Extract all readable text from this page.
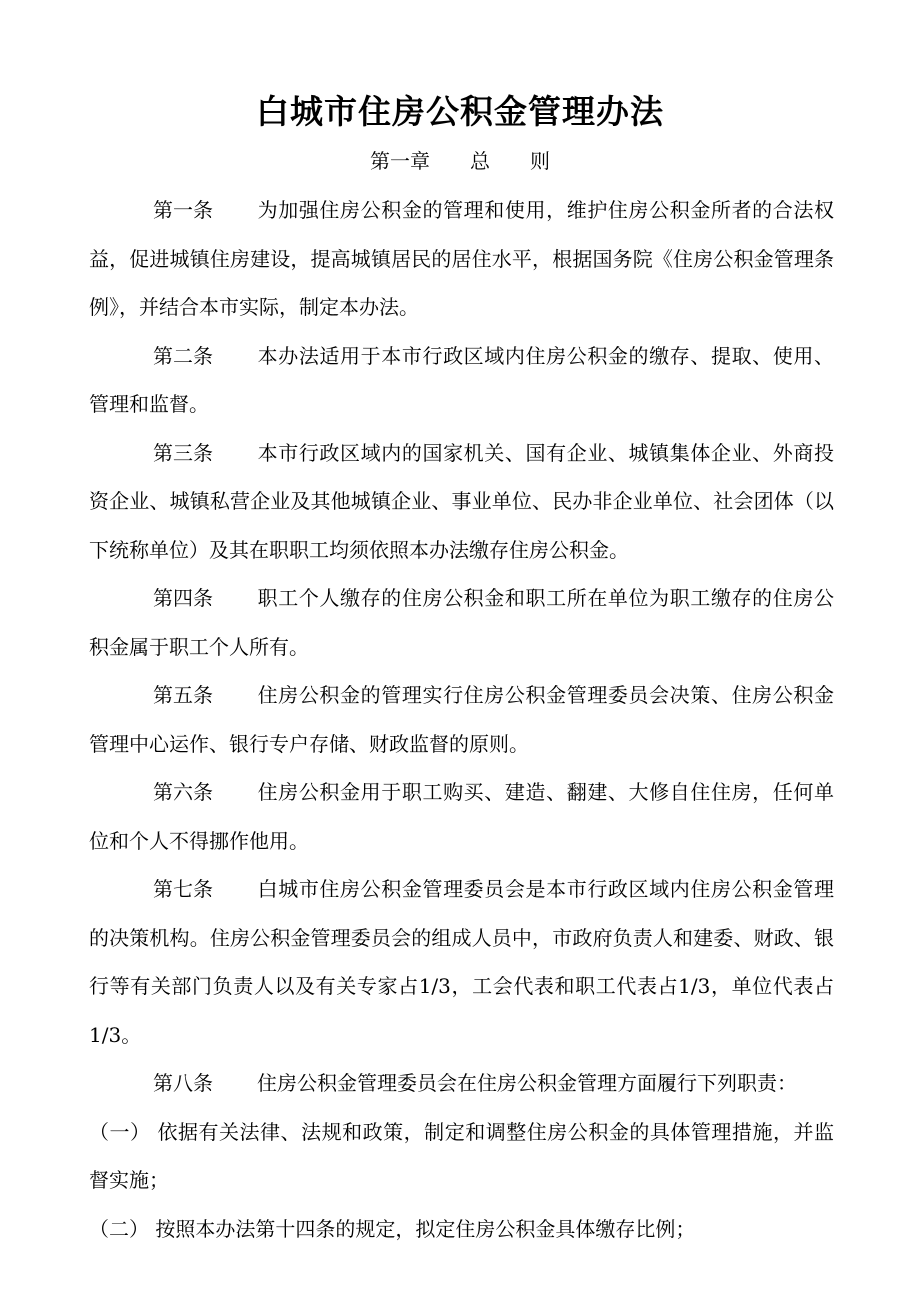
白城市住房公积金管理办法
第一章　　总　　则

第一条 为加强住房公积金的管理和使用，维护住房公积金所者的合法权益，促进城镇住房建设，提高城镇居民的居住水平，根据国务院《住房公积金管理条例》，并结合本市实际，制定本办法。

第二条 本办法适用于本市行政区域内住房公积金的缴存、提取、使用、管理和监督。

第三条 本市行政区域内的国家机关、国有企业、城镇集体企业、外商投资企业、城镇私营企业及其他城镇企业、事业单位、民办非企业单位、社会团体（以下统称单位）及其在职职工均须依照本办法缴存住房公积金。

第四条 职工个人缴存的住房公积金和职工所在单位为职工缴存的住房公积金属于职工个人所有。

第五条 住房公积金的管理实行住房公积金管理委员会决策、住房公积金管理中心运作、银行专户存储、财政监督的原则。

第六条 住房公积金用于职工购买、建造、翻建、大修自住住房，任何单位和个人不得挪作他用。

第七条 白城市住房公积金管理委员会是本市行政区域内住房公积金管理的决策机构。住房公积金管理委员会的组成人员中，市政府负责人和建委、财政、银行等有关部门负责人以及有关专家占1/3，工会代表和职工代表占1/3，单位代表占1/3。

第八条 住房公积金管理委员会在住房公积金管理方面履行下列职责：

（一） 依据有关法律、法规和政策，制定和调整住房公积金的具体管理措施，并监督实施；

（二） 按照本办法第十四条的规定，拟定住房公积金具体缴存比例；
